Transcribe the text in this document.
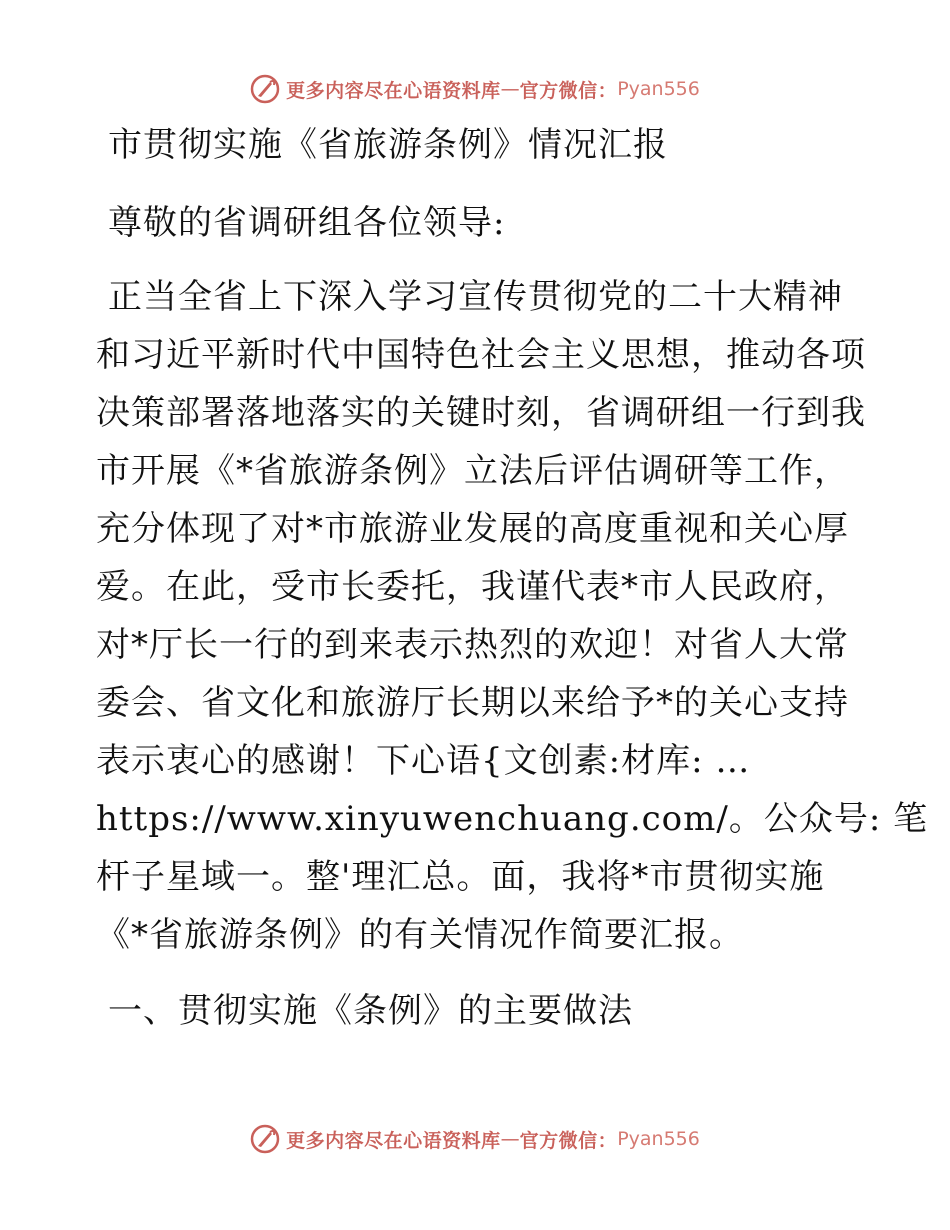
更多内容尽在心语资料库 — 官方微信： Pyan556
市贯彻实施《省旅游条例》情况汇报
尊敬的省调研组各位领导:
正当全省上下深入学习宣传贯彻党的二十大精神
和习近平新时代中国特色社会主义思想，推动各项
决策部署落地落实的关键时刻，省调研组一行到我
市开展《*省旅游条例》立法后评估调研等工作，
充分体现了对*市旅游业发展的高度重视和关心厚
爱。在此，受市长委托，我谨代表*市人民政府，
对*厅长一行的到来表示热烈的欢迎！对省人大常
委会、省文化和旅游厅长期以来给予*的关心支持
表示衷心的感谢！下心语{文创素:材库: …
https://www.xinyuwenchuang.com/。公众号: 笔
杆子星域一。整'理汇总。面，我将*市贯彻实施
《*省旅游条例》的有关情况作简要汇报。
一、贯彻实施《条例》的主要做法
更多内容尽在心语资料库 — 官方微信： Pyan556
